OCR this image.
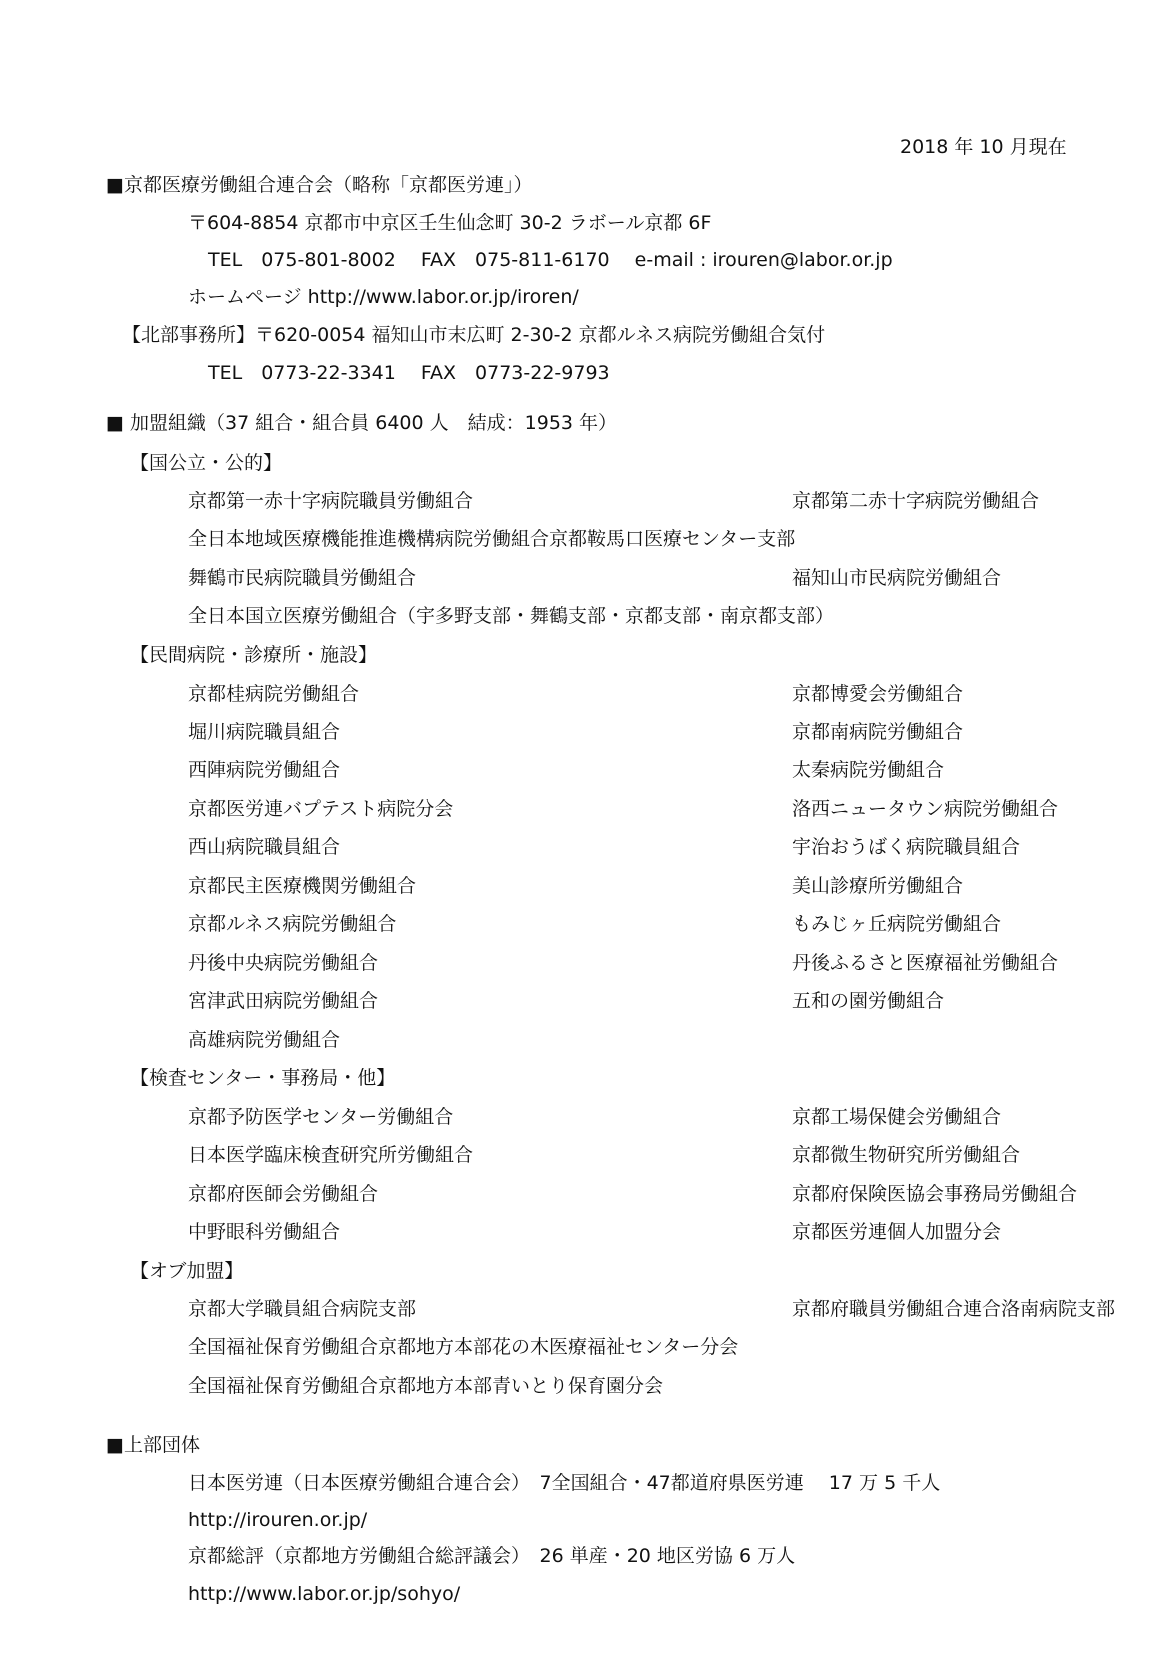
2018 年 10 月現在
■京都医療労働組合連合会（略称「京都医労連」）
〒604-8854 京都市中京区壬生仙念町 30-2 ラボール京都 6F
TEL　075-801-8002　 FAX　075-811-6170　 e-mail : irouren@labor.or.jp
ホームページ http://www.labor.or.jp/iroren/
【北部事務所】〒620-0054 福知山市末広町 2-30-2 京都ルネス病院労働組合気付
TEL　0773-22-3341　 FAX　0773-22-9793
■ 加盟組織（37 組合・組合員 6400 人　結成：1953 年）
【国公立・公的】
京都第一赤十字病院職員労働組合	京都第二赤十字病院労働組合
全日本地域医療機能推進機構病院労働組合京都鞍馬口医療センター支部
舞鶴市民病院職員労働組合	福知山市民病院労働組合
全日本国立医療労働組合（宇多野支部・舞鶴支部・京都支部・南京都支部）
【民間病院・診療所・施設】
京都桂病院労働組合	京都博愛会労働組合
堀川病院職員組合	京都南病院労働組合
西陣病院労働組合	太秦病院労働組合
京都医労連バプテスト病院分会	洛西ニュータウン病院労働組合
西山病院職員組合	宇治おうばく病院職員組合
京都民主医療機関労働組合	美山診療所労働組合
京都ルネス病院労働組合	もみじヶ丘病院労働組合
丹後中央病院労働組合	丹後ふるさと医療福祉労働組合
宮津武田病院労働組合	五和の園労働組合
高雄病院労働組合
【検査センター・事務局・他】
京都予防医学センター労働組合	京都工場保健会労働組合
日本医学臨床検査研究所労働組合	京都微生物研究所労働組合
京都府医師会労働組合	京都府保険医協会事務局労働組合
中野眼科労働組合	京都医労連個人加盟分会
【オブ加盟】
京都大学職員組合病院支部	京都府職員労働組合連合洛南病院支部
全国福祉保育労働組合京都地方本部花の木医療福祉センター分会
全国福祉保育労働組合京都地方本部青いとり保育園分会
■上部団体
日本医労連（日本医療労働組合連合会）　7全国組合・47都道府県医労連　 17 万 5 千人
http://irouren.or.jp/
京都総評（京都地方労働組合総評議会）　26 単産・20 地区労協 6 万人
http://www.labor.or.jp/sohyo/
